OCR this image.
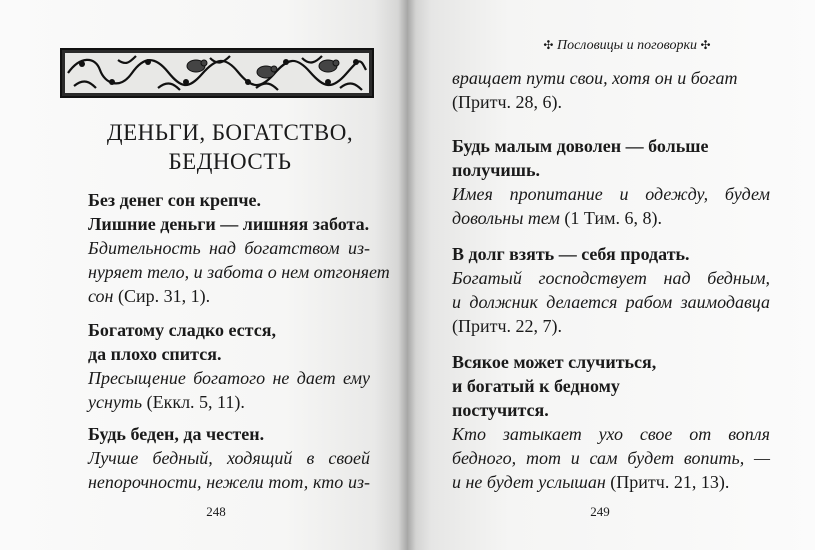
ДЕНЬГИ, БОГАТСТВО,
БЕДНОСТЬ
Без денег сон крепче.
Лишние деньги — лишняя забота.
Бдительность над богатством из-
нуряет тело, и забота о нем отгоняет
сон (Сир. 31, 1).
Богатому сладко естся,
да плохо спится.
Пресыщение богатого не дает ему
уснуть (Еккл. 5, 11).
Будь беден, да честен.
Лучше бедный, ходящий в своей
непорочности, нежели тот, кто из-
248
✣ Пословицы и поговорки ✣
вращает пути свои, хотя он и богат
(Притч. 28, 6).
Будь малым доволен — больше
получишь.
Имея пропитание и одежду, будем
довольны тем (1 Тим. 6, 8).
В долг взять — себя продать.
Богатый господствует над бедным,
и должник делается рабом заимодавца
(Притч. 22, 7).
Всякое может случиться,
и богатый к бедному
постучится.
Кто затыкает ухо свое от вопля
бедного, тот и сам будет вопить, —
и не будет услышан (Притч. 21, 13).
249
